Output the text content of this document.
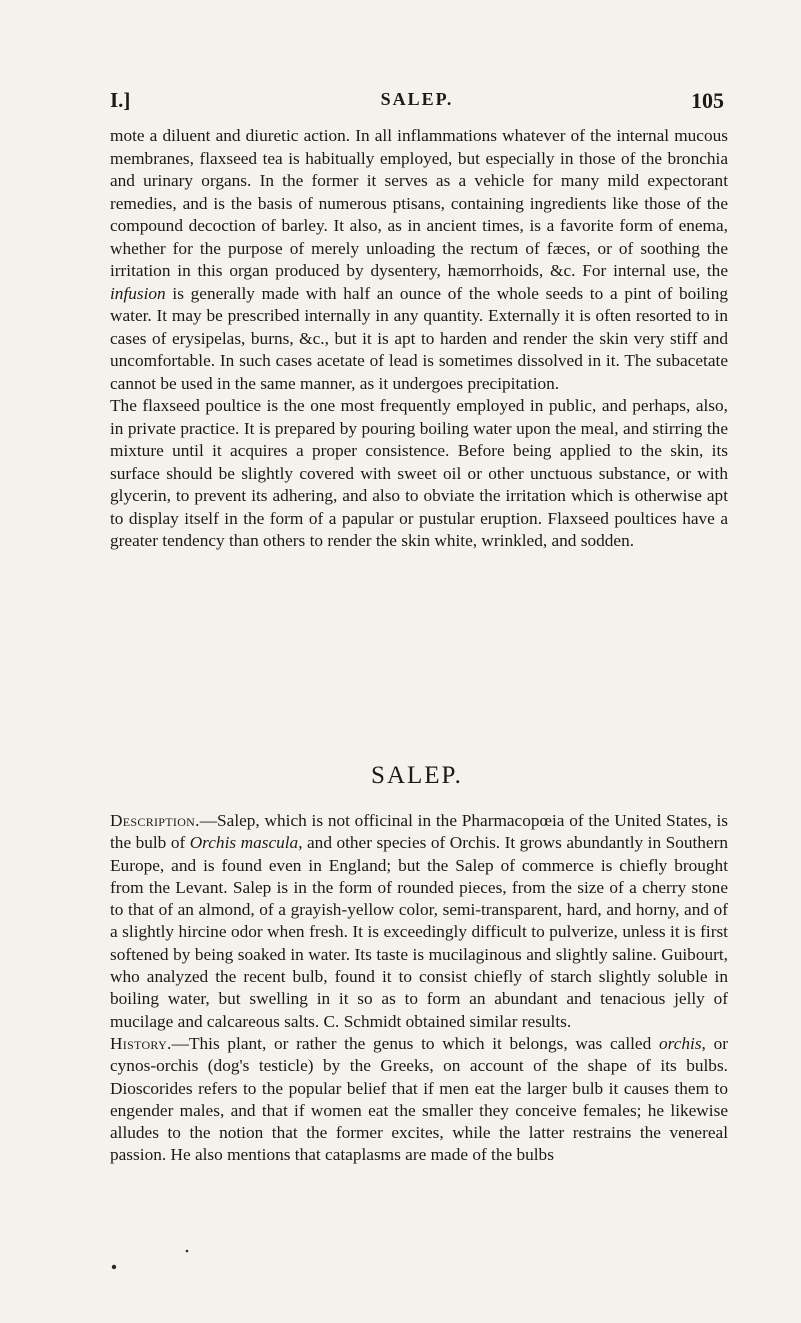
I.]	SALEP.	105

mote a diluent and diuretic action. In all inflammations whatever of the internal mucous membranes, flaxseed tea is habitually employed, but especially in those of the bronchia and urinary organs. In the former it serves as a vehicle for many mild expectorant remedies, and is the basis of numerous ptisans, containing ingredients like those of the compound decoction of barley. It also, as in ancient times, is a favorite form of enema, whether for the purpose of merely unloading the rectum of fæces, or of soothing the irritation in this organ produced by dysentery, hæmorrhoids, &c. For internal use, the infusion is generally made with half an ounce of the whole seeds to a pint of boiling water. It may be prescribed internally in any quantity. Externally it is often resorted to in cases of erysipelas, burns, &c., but it is apt to harden and render the skin very stiff and uncomfortable. In such cases acetate of lead is sometimes dissolved in it. The subacetate cannot be used in the same manner, as it undergoes precipitation.

The flaxseed poultice is the one most frequently employed in public, and perhaps, also, in private practice. It is prepared by pouring boiling water upon the meal, and stirring the mixture until it acquires a proper consistence. Before being applied to the skin, its surface should be slightly covered with sweet oil or other unctuous substance, or with glycerin, to prevent its adhering, and also to obviate the irritation which is otherwise apt to display itself in the form of a papular or pustular eruption. Flaxseed poultices have a greater tendency than others to render the skin white, wrinkled, and sodden.

SALEP.

Description.—Salep, which is not officinal in the Pharmacopœia of the United States, is the bulb of Orchis mascula, and other species of Orchis. It grows abundantly in Southern Europe, and is found even in England; but the Salep of commerce is chiefly brought from the Levant. Salep is in the form of rounded pieces, from the size of a cherry stone to that of an almond, of a grayish-yellow color, semi-transparent, hard, and horny, and of a slightly hircine odor when fresh. It is exceedingly difficult to pulverize, unless it is first softened by being soaked in water. Its taste is mucilaginous and slightly saline. Guibourt, who analyzed the recent bulb, found it to consist chiefly of starch slightly soluble in boiling water, but swelling in it so as to form an abundant and tenacious jelly of mucilage and calcareous salts. C. Schmidt obtained similar results.

History.—This plant, or rather the genus to which it belongs, was called orchis, or cynos-orchis (dog's testicle) by the Greeks, on account of the shape of its bulbs. Dioscorides refers to the popular belief that if men eat the larger bulb it causes them to engender males, and that if women eat the smaller they conceive females; he likewise alludes to the notion that the former excites, while the latter restrains the venereal passion. He also mentions that cataplasms are made of the bulbs
